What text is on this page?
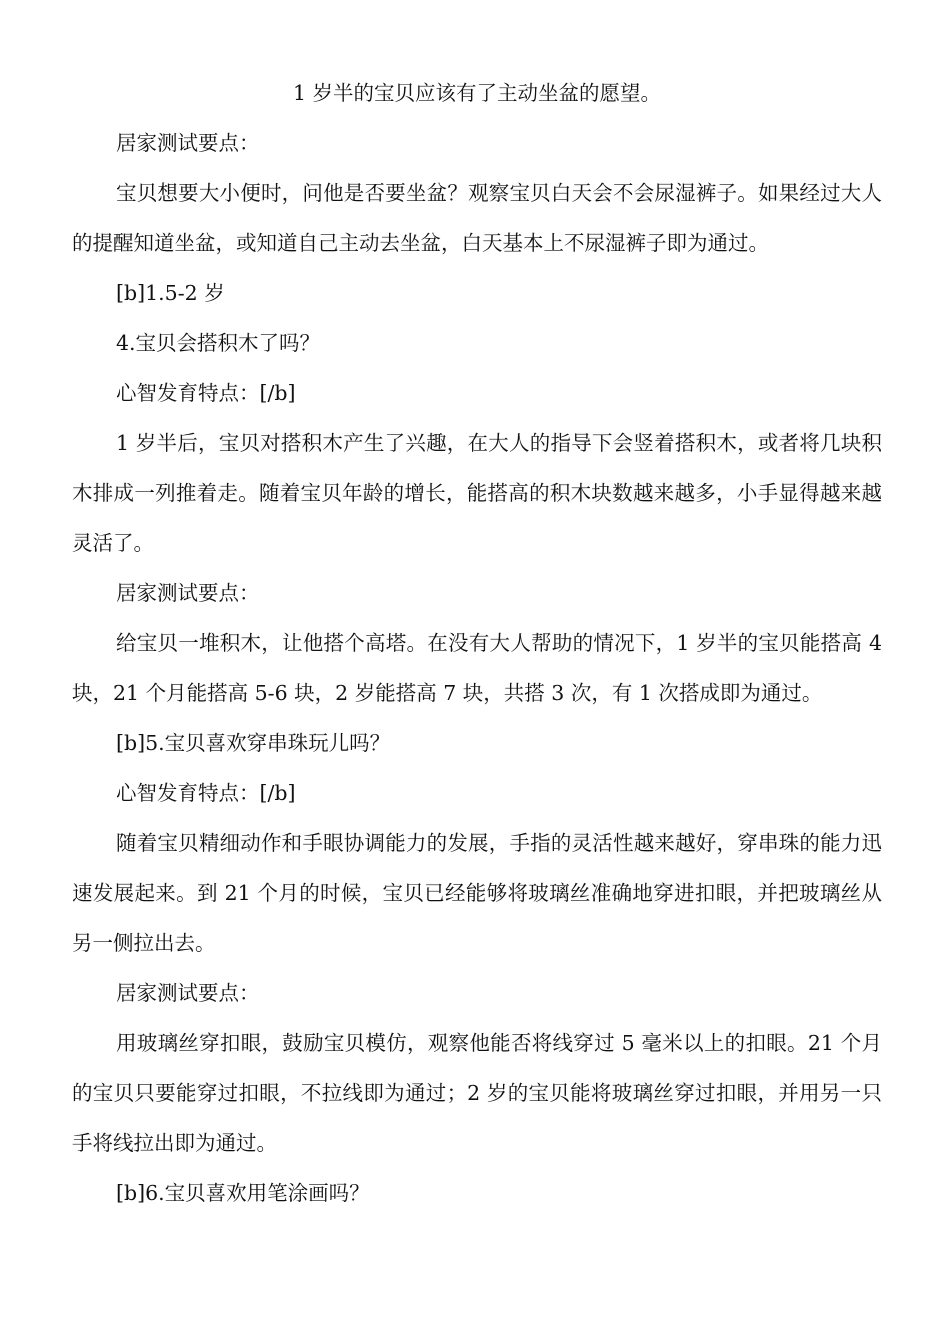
1 岁半的宝贝应该有了主动坐盆的愿望。

居家测试要点：

宝贝想要大小便时，问他是否要坐盆？观察宝贝白天会不会尿湿裤子。如果经过大人的提醒知道坐盆，或知道自己主动去坐盆，白天基本上不尿湿裤子即为通过。

[b]1.5-2 岁

4.宝贝会搭积木了吗？

心智发育特点：[/b]

1 岁半后，宝贝对搭积木产生了兴趣，在大人的指导下会竖着搭积木，或者将几块积木排成一列推着走。随着宝贝年龄的增长，能搭高的积木块数越来越多，小手显得越来越灵活了。

居家测试要点：

给宝贝一堆积木，让他搭个高塔。在没有大人帮助的情况下，1 岁半的宝贝能搭高 4 块，21 个月能搭高 5-6 块，2 岁能搭高 7 块，共搭 3 次，有 1 次搭成即为通过。

[b]5.宝贝喜欢穿串珠玩儿吗？

心智发育特点：[/b]

随着宝贝精细动作和手眼协调能力的发展，手指的灵活性越来越好，穿串珠的能力迅速发展起来。到 21 个月的时候，宝贝已经能够将玻璃丝准确地穿进扣眼，并把玻璃丝从另一侧拉出去。

居家测试要点：

用玻璃丝穿扣眼，鼓励宝贝模仿，观察他能否将线穿过 5 毫米以上的扣眼。21 个月的宝贝只要能穿过扣眼，不拉线即为通过；2 岁的宝贝能将玻璃丝穿过扣眼，并用另一只手将线拉出即为通过。

[b]6.宝贝喜欢用笔涂画吗？
